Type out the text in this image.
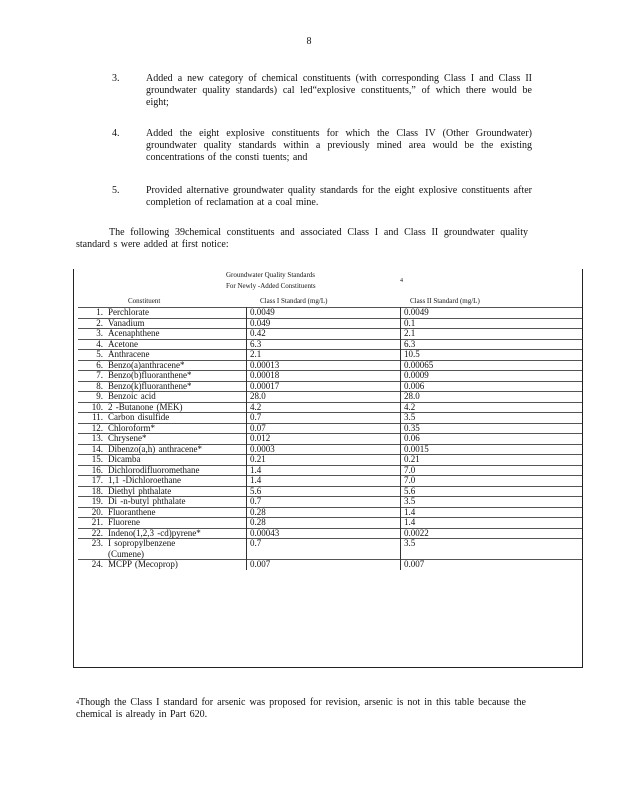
8
3.	Added a new category of chemical constituents (with corresponding Class I and Class II groundwater quality standards) cal led“explosive constituents,” of which there would be eight;
4.	Added the eight explosive constituents for which the Class IV (Other Groundwater) groundwater quality standards within a previously mined area would be the existing concentrations of the consti tuents; and
5.	Provided alternative groundwater quality standards for the eight explosive constituents after completion of reclamation at a coal mine.
The following 39chemical constituents and associated Class I and Class II groundwater quality standard s were added at first notice:
Groundwater Quality Standards
For Newly -Added Constituents
4
Constituent	Class I Standard (mg/L)	Class II Standard (mg/L)
1. Perchlorate	0.0049	0.0049
2. Vanadium	0.049	0.1
3. Acenaphthene	0.42	2.1
4. Acetone	6.3	6.3
5. Anthracene	2.1	10.5
6. Benzo(a)anthracene*	0.00013	0.00065
7. Benzo(b)fluoranthene*	0.00018	0.0009
8. Benzo(k)fluoranthene*	0.00017	0.006
9. Benzoic acid	28.0	28.0
10. 2 -Butanone (MEK)	4.2	4.2
11. Carbon disulfide	0.7	3.5
12. Chloroform*	0.07	0.35
13. Chrysene*	0.012	0.06
14. Dibenzo(a,h) anthracene*	0.0003	0.0015
15. Dicamba	0.21	0.21
16. Dichlorodifluoromethane	1.4	7.0
17. 1,1 -Dichloroethane	1.4	7.0
18. Diethyl phthalate	5.6	5.6
19. Di -n-butyl phthalate	0.7	3.5
20. Fluoranthene	0.28	1.4
21. Fluorene	0.28	1.4
22. Indeno(1,2,3 -cd)pyrene*	0.00043	0.0022
23. I sopropylbenzene
(Cumene)
0.7	3.5
24. MCPP (Mecoprop)	0.007	0.007
$^4$Though the Class I standard for arsenic was proposed for revision, arsenic is not in this table because the chemical is already in Part 620.
